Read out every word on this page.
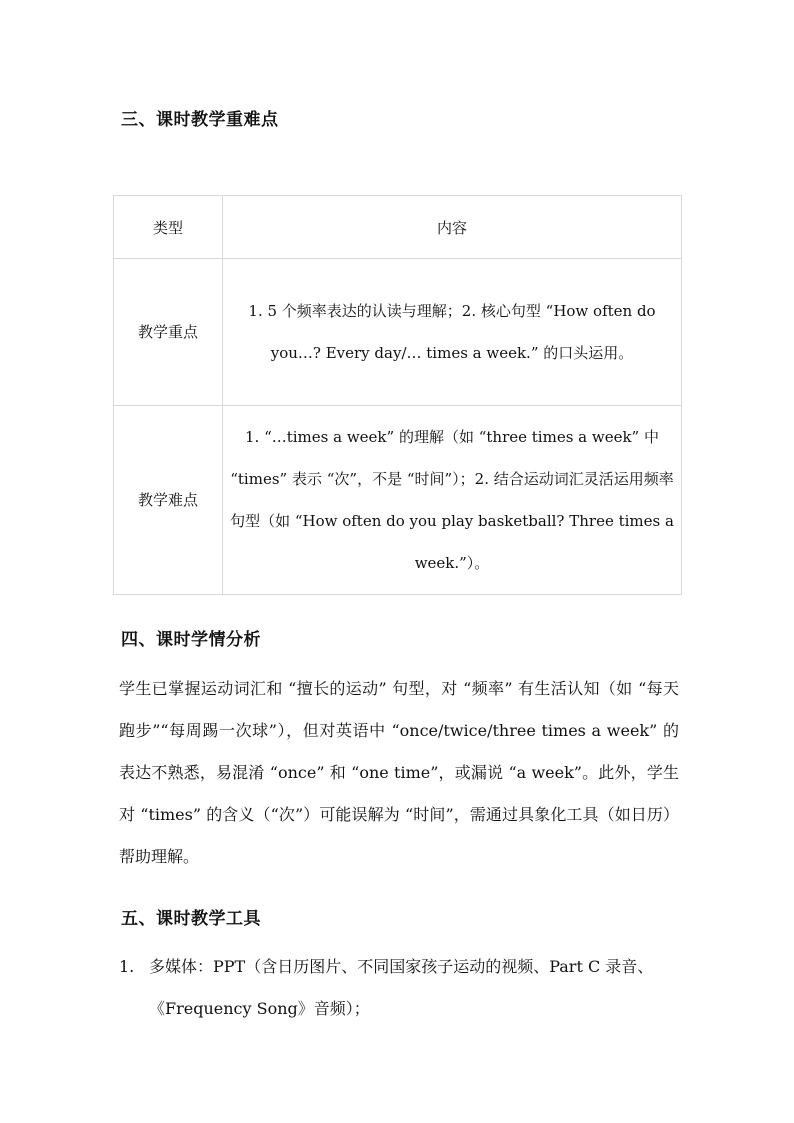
三、课时教学重难点
类型	内容
教学重点	1. 5 个频率表达的认读与理解；2. 核心句型 “How often do you…? Every day/… times a week.” 的口头运用。

教学难点	1. “…times a week” 的理解（如 “three times a week” 中 “times” 表示 “次”，不是 “时间”）；2. 结合运动词汇灵活运用频率句型（如 “How often do you play basketball? Three times a week.”）。
四、课时学情分析
学生已掌握运动词汇和 “擅长的运动” 句型，对 “频率” 有生活认知（如 “每天跑步”“每周踢一次球”），但对英语中 “once/twice/three times a week” 的表达不熟悉，易混淆 “once” 和 “one time”，或漏说 “a week”。此外，学生对 “times” 的含义（“次”）可能误解为 “时间”，需通过具象化工具（如日历）帮助理解。
五、课时教学工具
1. 多媒体：PPT（含日历图片、不同国家孩子运动的视频、Part C 录音、《Frequency Song》音频）；
